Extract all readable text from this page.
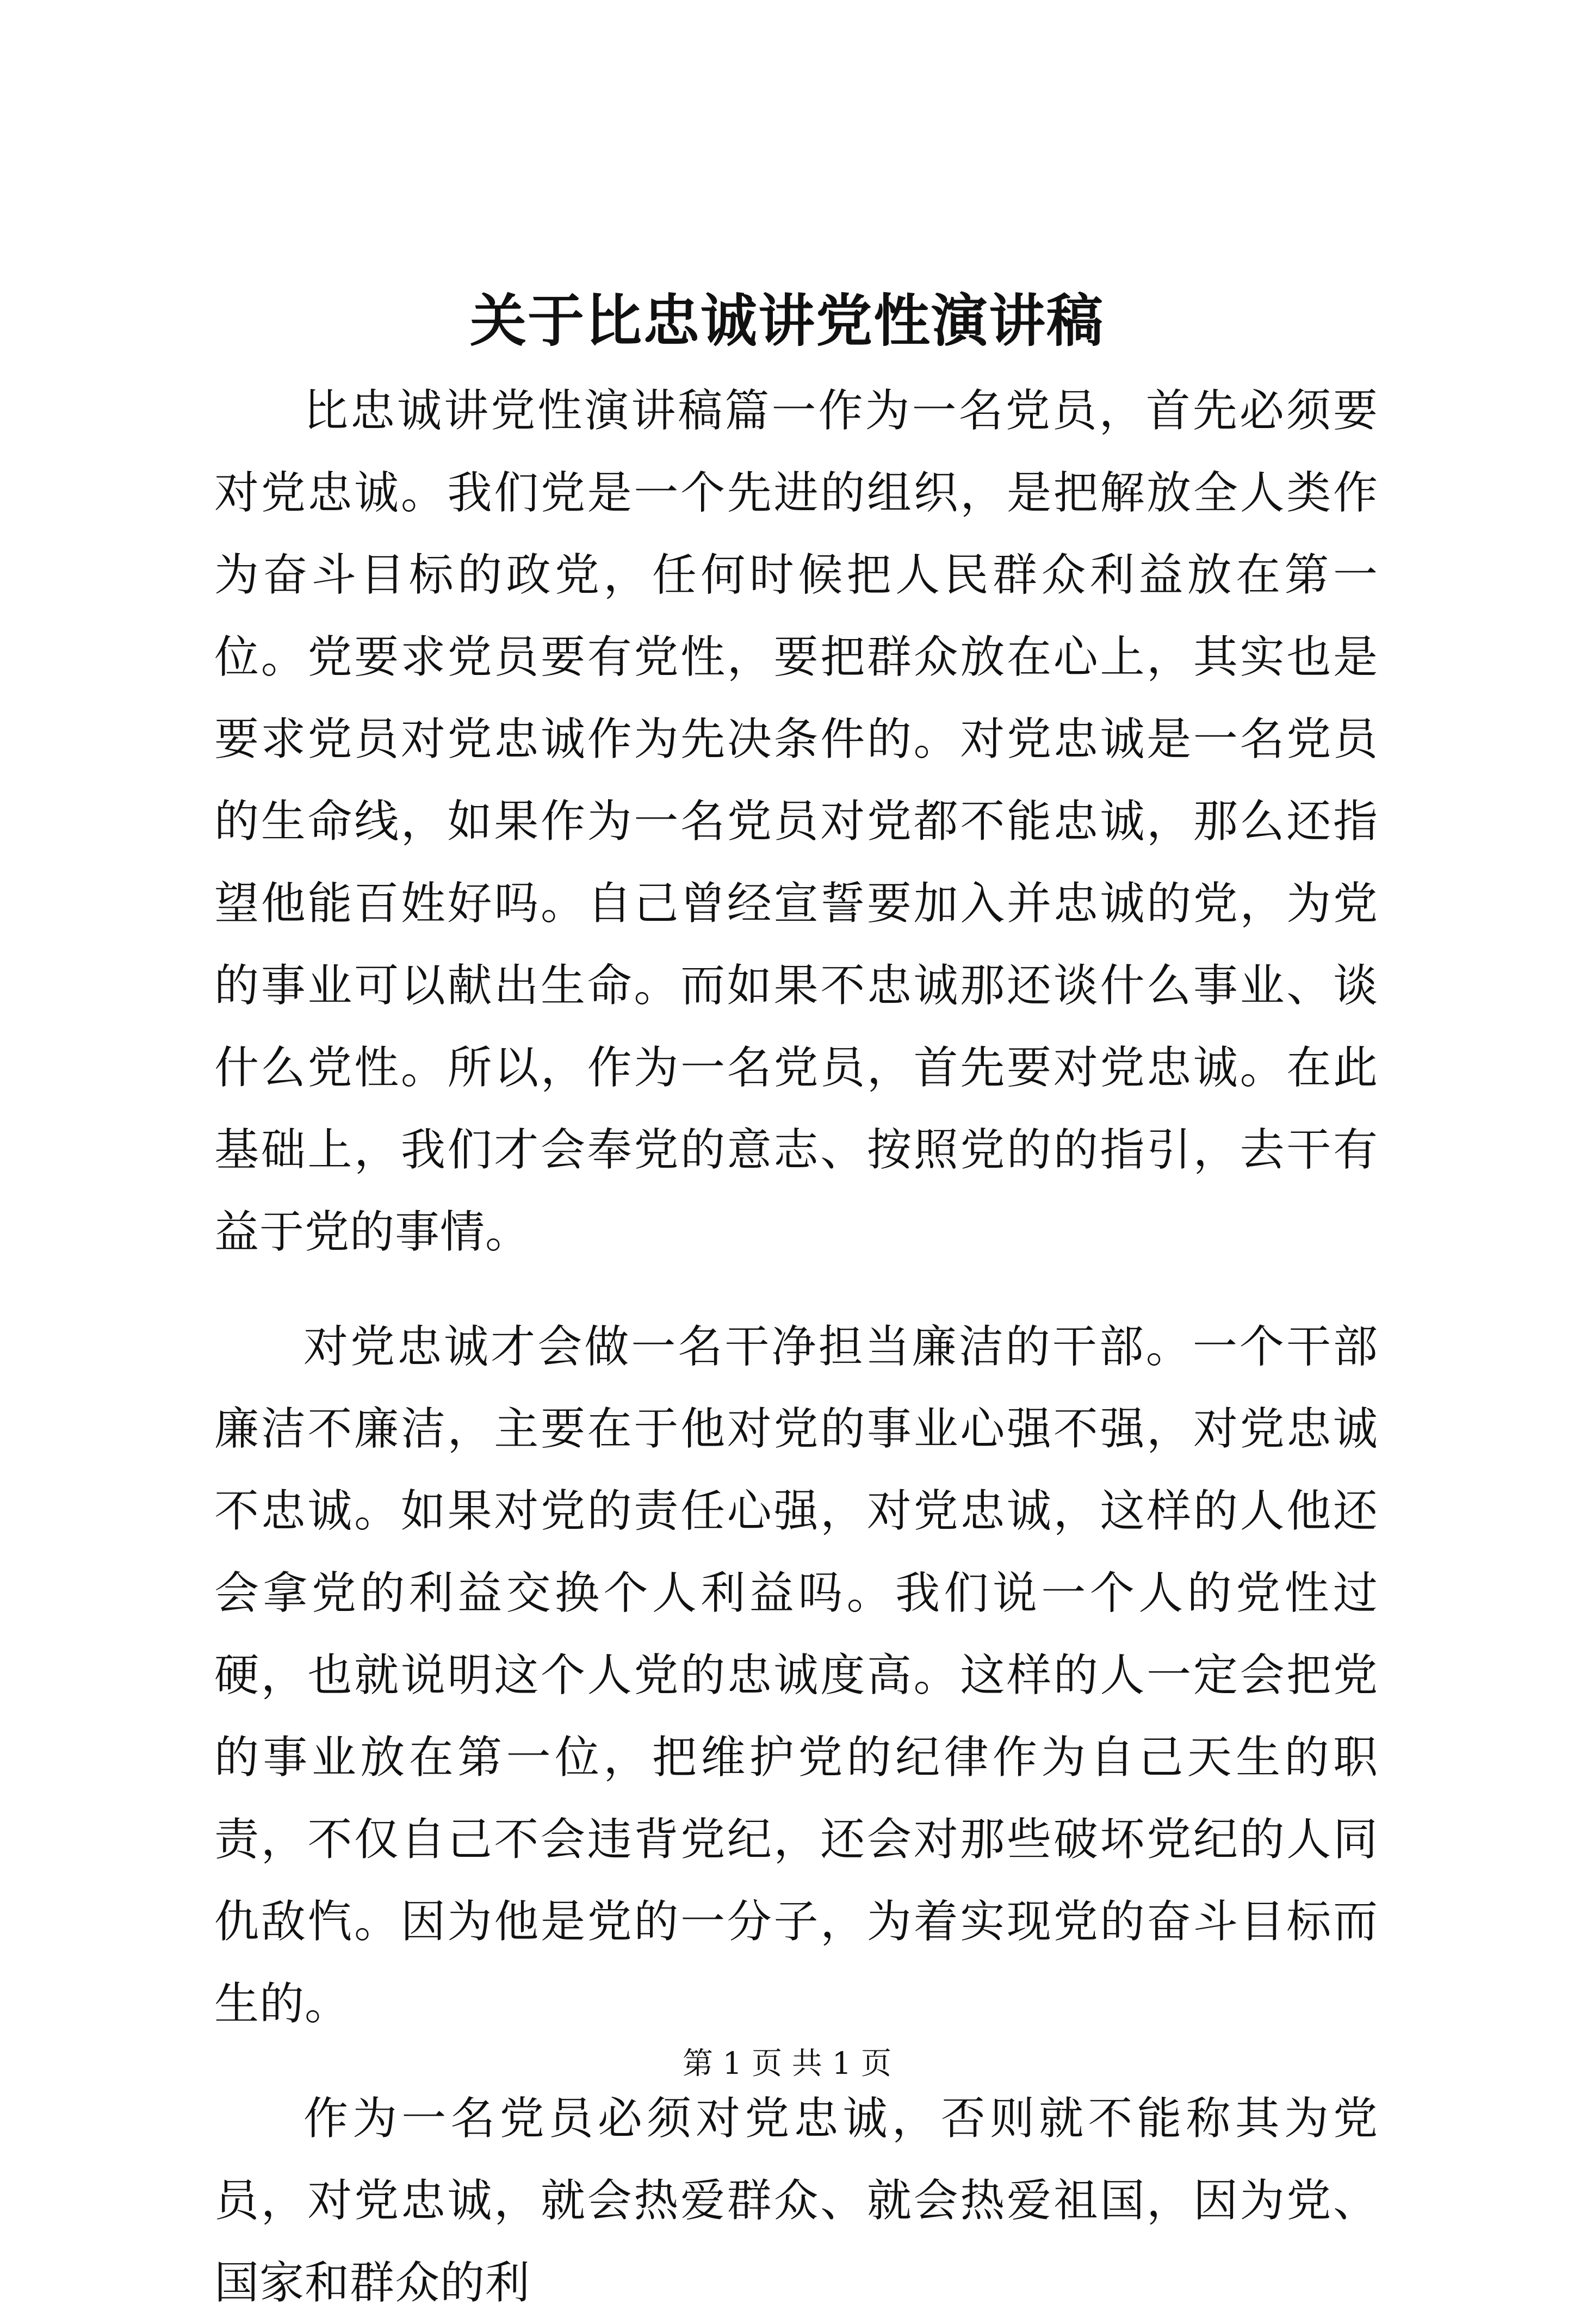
关于比忠诚讲党性演讲稿

比忠诚讲党性演讲稿篇一作为一名党员，首先必须要对党忠诚。我们党是一个先进的组织，是把解放全人类作为奋斗目标的政党，任何时候把人民群众利益放在第一位。党要求党员要有党性，要把群众放在心上，其实也是要求党员对党忠诚作为先决条件的。对党忠诚是一名党员的生命线，如果作为一名党员对党都不能忠诚，那么还指望他能百姓好吗。自己曾经宣誓要加入并忠诚的党，为党的事业可以献出生命。而如果不忠诚那还谈什么事业、谈什么党性。所以，作为一名党员，首先要对党忠诚。在此基础上，我们才会奉党的意志、按照党的的指引，去干有益于党的事情。

对党忠诚才会做一名干净担当廉洁的干部。一个干部廉洁不廉洁，主要在于他对党的事业心强不强，对党忠诚不忠诚。如果对党的责任心强，对党忠诚，这样的人他还会拿党的利益交换个人利益吗。我们说一个人的党性过硬，也就说明这个人党的忠诚度高。这样的人一定会把党的事业放在第一位，把维护党的纪律作为自己天生的职责，不仅自己不会违背党纪，还会对那些破坏党纪的人同仇敌忾。因为他是党的一分子，为着实现党的奋斗目标而生的。

作为一名党员必须对党忠诚，否则就不能称其为党员，对党忠诚，就会热爱群众、就会热爱祖国，因为党、国家和群众的利

第 1 页 共 1 页
